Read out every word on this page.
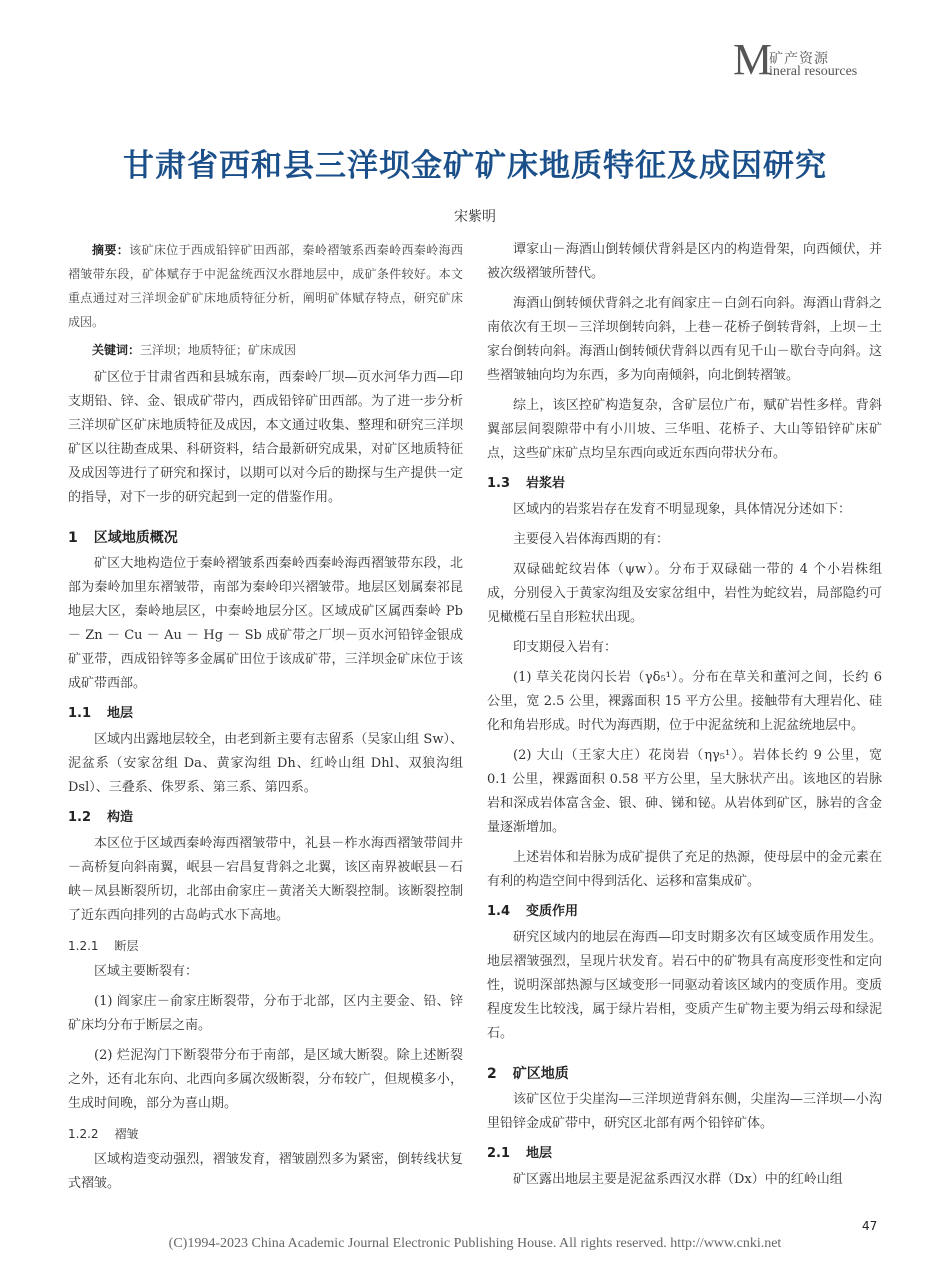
M
矿产资源
ineral resources
甘肃省西和县三洋坝金矿矿床地质特征及成因研究
宋紫明

摘要：该矿床位于西成铅锌矿田西部，秦岭褶皱系西秦岭西秦岭海西褶皱带东段，矿体赋存于中泥盆统西汉水群地层中，成矿条件较好。本文重点通过对三洋坝金矿矿床地质特征分析，阐明矿体赋存特点，研究矿床成因。

关键词：三洋坝；地质特征；矿床成因

矿区位于甘肃省西和县城东南，西秦岭厂坝—页水河华力西—印支期铅、锌、金、银成矿带内，西成铅锌矿田西部。为了进一步分析三洋坝矿区矿床地质特征及成因，本文通过收集、整理和研究三洋坝矿区以往勘查成果、科研资料，结合最新研究成果，对矿区地质特征及成因等进行了研究和探讨，以期可以对今后的勘探与生产提供一定的指导，对下一步的研究起到一定的借鉴作用。

1 区域地质概况

矿区大地构造位于秦岭褶皱系西秦岭西秦岭海西褶皱带东段，北部为秦岭加里东褶皱带，南部为秦岭印兴褶皱带。地层区划属秦祁昆地层大区，秦岭地层区，中秦岭地层分区。区域成矿区属西秦岭 Pb － Zn － Cu － Au － Hg － Sb 成矿带之厂坝－页水河铅锌金银成矿亚带，西成铅锌等多金属矿田位于该成矿带，三洋坝金矿床位于该成矿带西部。

1.1 地层

区域内出露地层较全，由老到新主要有志留系（吴家山组 Sw）、泥盆系（安家岔组 Da、黄家沟组 Dh、红岭山组 Dhl、双狼沟组 Dsl）、三叠系、侏罗系、第三系、第四系。

1.2 构造

本区位于区域西秦岭海西褶皱带中，礼县－柞水海西褶皱带闾井－高桥复向斜南翼，岷县－宕昌复背斜之北翼，该区南界被岷县－石峡－凤县断裂所切，北部由俞家庄－黄渚关大断裂控制。该断裂控制了近东西向排列的古岛屿式水下高地。

1.2.1 断层

区域主要断裂有：

(1) 阎家庄－俞家庄断裂带，分布于北部，区内主要金、铅、锌矿床均分布于断层之南。

(2) 烂泥沟门下断裂带分布于南部，是区域大断裂。除上述断裂之外，还有北东向、北西向多属次级断裂，分布较广，但规模多小，生成时间晚，部分为喜山期。

1.2.2 褶皱

区域构造变动强烈，褶皱发育，褶皱剧烈多为紧密，倒转线状复式褶皱。

谭家山－海酒山倒转倾伏背斜是区内的构造骨架，向西倾伏，并被次级褶皱所替代。

海酒山倒转倾伏背斜之北有阎家庄－白剑石向斜。海酒山背斜之南依次有王坝－三洋坝倒转向斜，上巷－花桥子倒转背斜，上坝－土家台倒转向斜。海酒山倒转倾伏背斜以西有见千山－歇台寺向斜。这些褶皱轴向均为东西，多为向南倾斜，向北倒转褶皱。

综上，该区控矿构造复杂，含矿层位广布，赋矿岩性多样。背斜翼部层间裂隙带中有小川坡、三华咀、花桥子、大山等铅锌矿床矿点，这些矿床矿点均呈东西向或近东西向带状分布。

1.3 岩浆岩

区域内的岩浆岩存在发育不明显现象，具体情况分述如下：

主要侵入岩体海西期的有：

双碌础蛇纹岩体（ψw）。分布于双碌础一带的 4 个小岩株组成，分别侵入于黄家沟组及安家岔组中，岩性为蛇纹岩，局部隐约可见橄榄石呈自形粒状出现。

印支期侵入岩有：

(1) 草关花岗闪长岩（γδ₅¹）。分布在草关和董河之间，长约 6 公里，宽 2.5 公里，裸露面积 15 平方公里。接触带有大理岩化、硅化和角岩形成。时代为海西期，位于中泥盆统和上泥盆统地层中。

(2) 大山（王家大庄）花岗岩（ηγ₅¹）。岩体长约 9 公里，宽 0.1 公里，裸露面积 0.58 平方公里，呈大脉状产出。该地区的岩脉岩和深成岩体富含金、银、砷、锑和铋。从岩体到矿区，脉岩的含金量逐渐增加。

上述岩体和岩脉为成矿提供了充足的热源，使母层中的金元素在有利的构造空间中得到活化、运移和富集成矿。

1.4 变质作用

研究区域内的地层在海西—印支时期多次有区域变质作用发生。地层褶皱强烈，呈现片状发育。岩石中的矿物具有高度形变性和定向性，说明深部热源与区域变形一同驱动着该区域内的变质作用。变质程度发生比较浅，属于绿片岩相，变质产生矿物主要为绢云母和绿泥石。

2 矿区地质

该矿区位于尖崖沟—三洋坝逆背斜东侧，尖崖沟—三洋坝—小沟里铅锌金成矿带中，研究区北部有两个铅锌矿体。

2.1 地层

矿区露出地层主要是泥盆系西汉水群（Dx）中的红岭山组

47
(C)1994-2023 China Academic Journal Electronic Publishing House. All rights reserved. http://www.cnki.net
